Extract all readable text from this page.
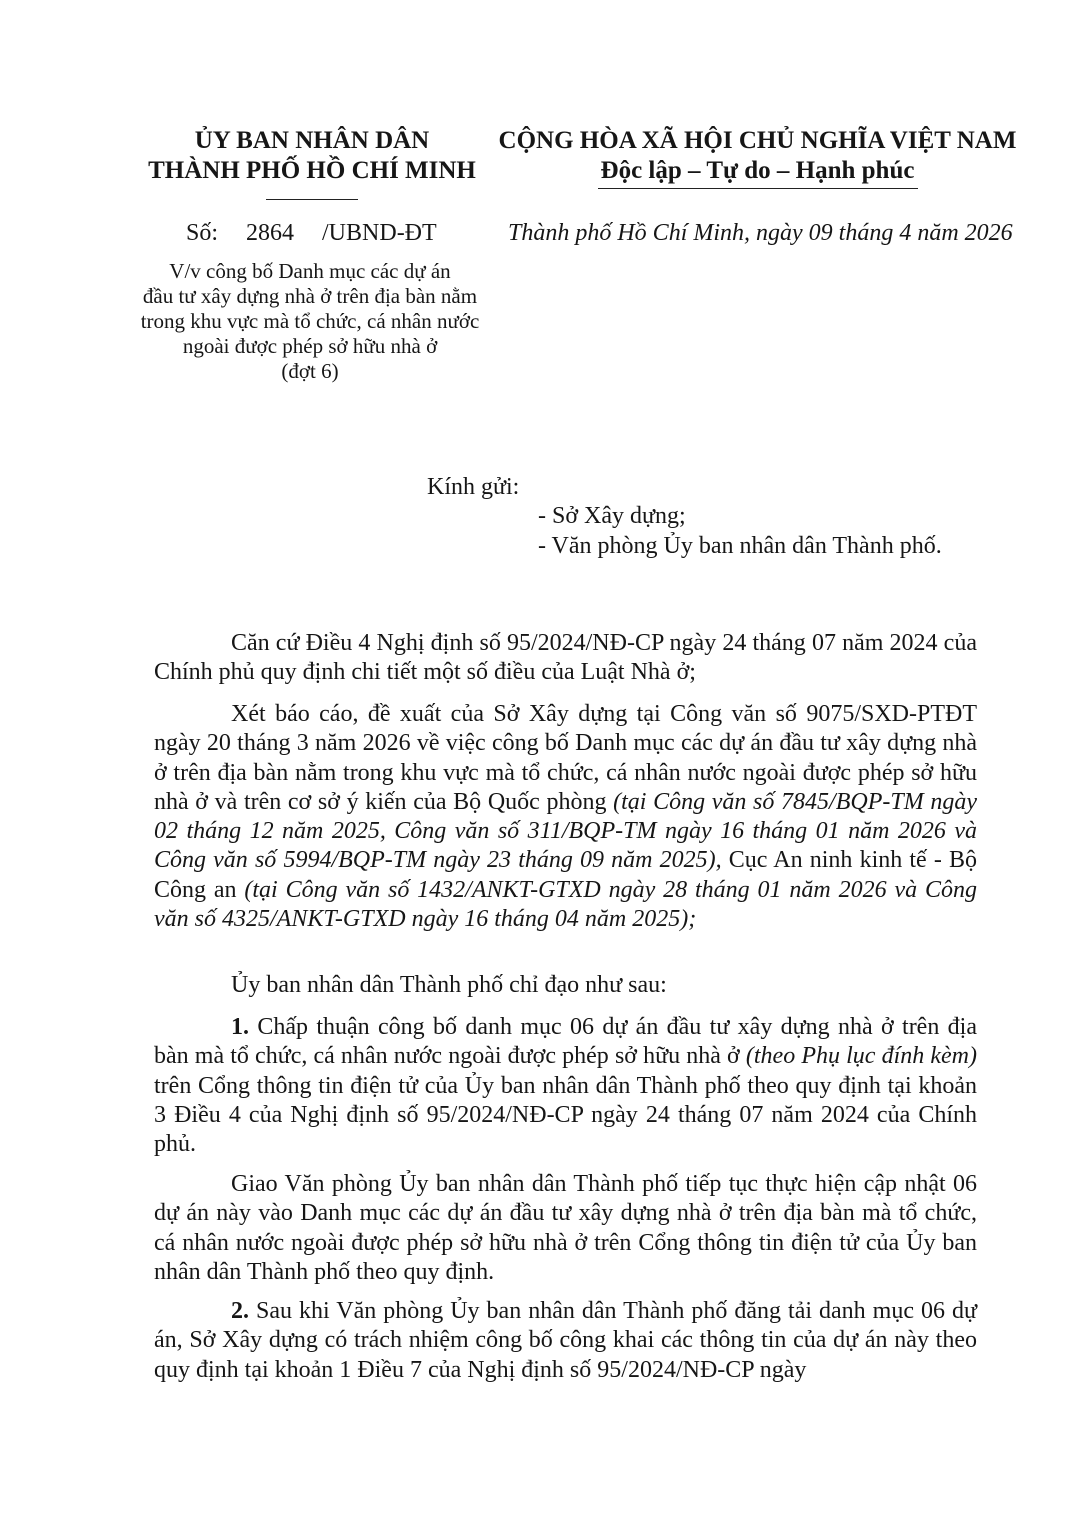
ỦY BAN NHÂN DÂN
THÀNH PHỐ HỒ CHÍ MINH
CỘNG HÒA XÃ HỘI CHỦ NGHĨA VIỆT NAM
Độc lập – Tự do – Hạnh phúc
Số: 2864 /UBND-ĐT	Thành phố Hồ Chí Minh, ngày 09 tháng 4 năm 2026
V/v công bố Danh mục các dự án
đầu tư xây dựng nhà ở trên địa bàn nằm
trong khu vực mà tổ chức, cá nhân nước
ngoài được phép sở hữu nhà ở
(đợt 6)
Kính gửi:
- Sở Xây dựng;
- Văn phòng Ủy ban nhân dân Thành phố.

Căn cứ Điều 4 Nghị định số 95/2024/NĐ-CP ngày 24 tháng 07 năm 2024 của Chính phủ quy định chi tiết một số điều của Luật Nhà ở;

Xét báo cáo, đề xuất của Sở Xây dựng tại Công văn số 9075/SXD-PTĐT ngày 20 tháng 3 năm 2026 về việc công bố Danh mục các dự án đầu tư xây dựng nhà ở trên địa bàn nằm trong khu vực mà tổ chức, cá nhân nước ngoài được phép sở hữu nhà ở và trên cơ sở ý kiến của Bộ Quốc phòng (tại Công văn số 7845/BQP-TM ngày 02 tháng 12 năm 2025, Công văn số 311/BQP-TM ngày 16 tháng 01 năm 2026 và Công văn số 5994/BQP-TM ngày 23 tháng 09 năm 2025), Cục An ninh kinh tế - Bộ Công an (tại Công văn số 1432/ANKT-GTXD ngày 28 tháng 01 năm 2026 và Công văn số 4325/ANKT-GTXD ngày 16 tháng 04 năm 2025);

Ủy ban nhân dân Thành phố chỉ đạo như sau:

1. Chấp thuận công bố danh mục 06 dự án đầu tư xây dựng nhà ở trên địa bàn mà tổ chức, cá nhân nước ngoài được phép sở hữu nhà ở (theo Phụ lục đính kèm) trên Cổng thông tin điện tử của Ủy ban nhân dân Thành phố theo quy định tại khoản 3 Điều 4 của Nghị định số 95/2024/NĐ-CP ngày 24 tháng 07 năm 2024 của Chính phủ.

Giao Văn phòng Ủy ban nhân dân Thành phố tiếp tục thực hiện cập nhật 06 dự án này vào Danh mục các dự án đầu tư xây dựng nhà ở trên địa bàn mà tổ chức, cá nhân nước ngoài được phép sở hữu nhà ở trên Cổng thông tin điện tử của Ủy ban nhân dân Thành phố theo quy định.

2. Sau khi Văn phòng Ủy ban nhân dân Thành phố đăng tải danh mục 06 dự án, Sở Xây dựng có trách nhiệm công bố công khai các thông tin của dự án này theo quy định tại khoản 1 Điều 7 của Nghị định số 95/2024/NĐ-CP ngày
